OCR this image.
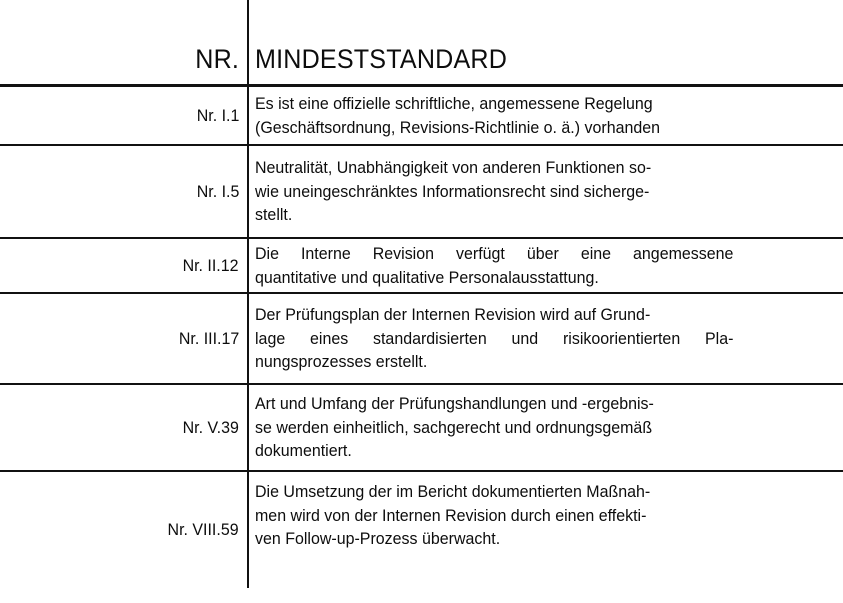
NR. MINDESTSTANDARD
Nr. I.1
Es ist eine offizielle schriftliche, angemessene Regelung
(Geschäftsordnung, Revisions-Richtlinie o. ä.) vorhanden
Nr. I.5
Neutralität, Unabhängigkeit von anderen Funktionen so-
wie uneingeschränktes Informationsrecht sind sicherge-
stellt.
Nr. II.12
Die Interne Revision verfügt über eine angemessene
quantitative und qualitative Personalausstattung.
Nr. III.17
Der Prüfungsplan der Internen Revision wird auf Grund-
lage eines standardisierten und risikoorientierten Pla-
nungsprozesses erstellt.
Nr. V.39
Art und Umfang der Prüfungshandlungen und -ergebnis-
se werden einheitlich, sachgerecht und ordnungsgemäß
dokumentiert.
Nr. VIII.59
Die Umsetzung der im Bericht dokumentierten Maßnah-
men wird von der Internen Revision durch einen effekti-
ven Follow-up-Prozess überwacht.
